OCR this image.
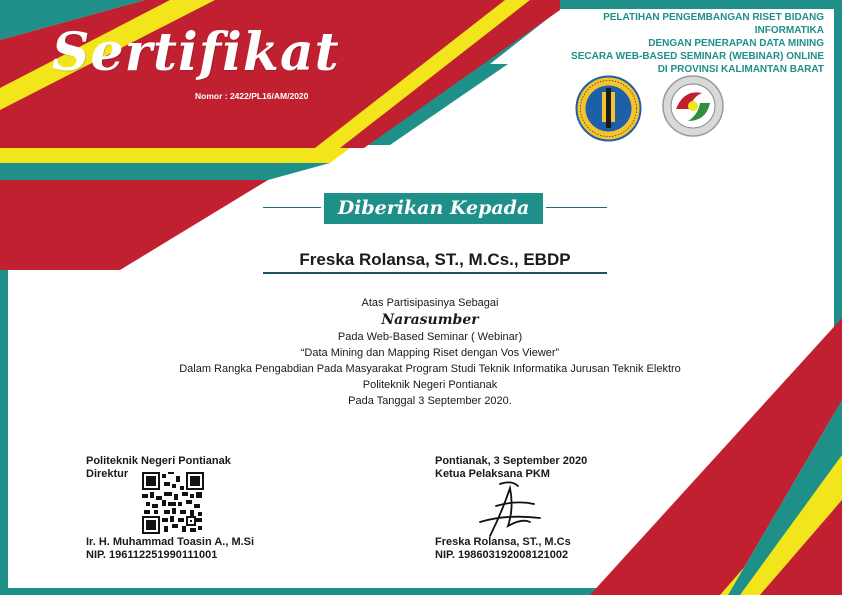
Sertifikat
Nomor : 2422/PL16/AM/2020
PELATIHAN PENGEMBANGAN RISET BIDANG INFORMATIKA
DENGAN PENERAPAN DATA MINING
SECARA WEB-BASED SEMINAR (WEBINAR) ONLINE
DI PROVINSI KALIMANTAN BARAT
Diberikan Kepada
Freska Rolansa, ST., M.Cs., EBDP
Atas Partisipasinya Sebagai
Narasumber
Pada Web-Based Seminar ( Webinar)
“Data Mining dan Mapping Riset dengan Vos Viewer”
Dalam Rangka Pengabdian Pada Masyarakat Program Studi Teknik Informatika Jurusan Teknik Elektro
Politeknik Negeri Pontianak
Pada Tanggal 3 September 2020.
Politeknik Negeri Pontianak
Direktur
Ir. H. Muhammad Toasin A., M.Si
NIP. 196112251990111001
Pontianak, 3 September 2020
Ketua Pelaksana PKM
Freska Rolansa, ST., M.Cs
NIP. 198603192008121002
